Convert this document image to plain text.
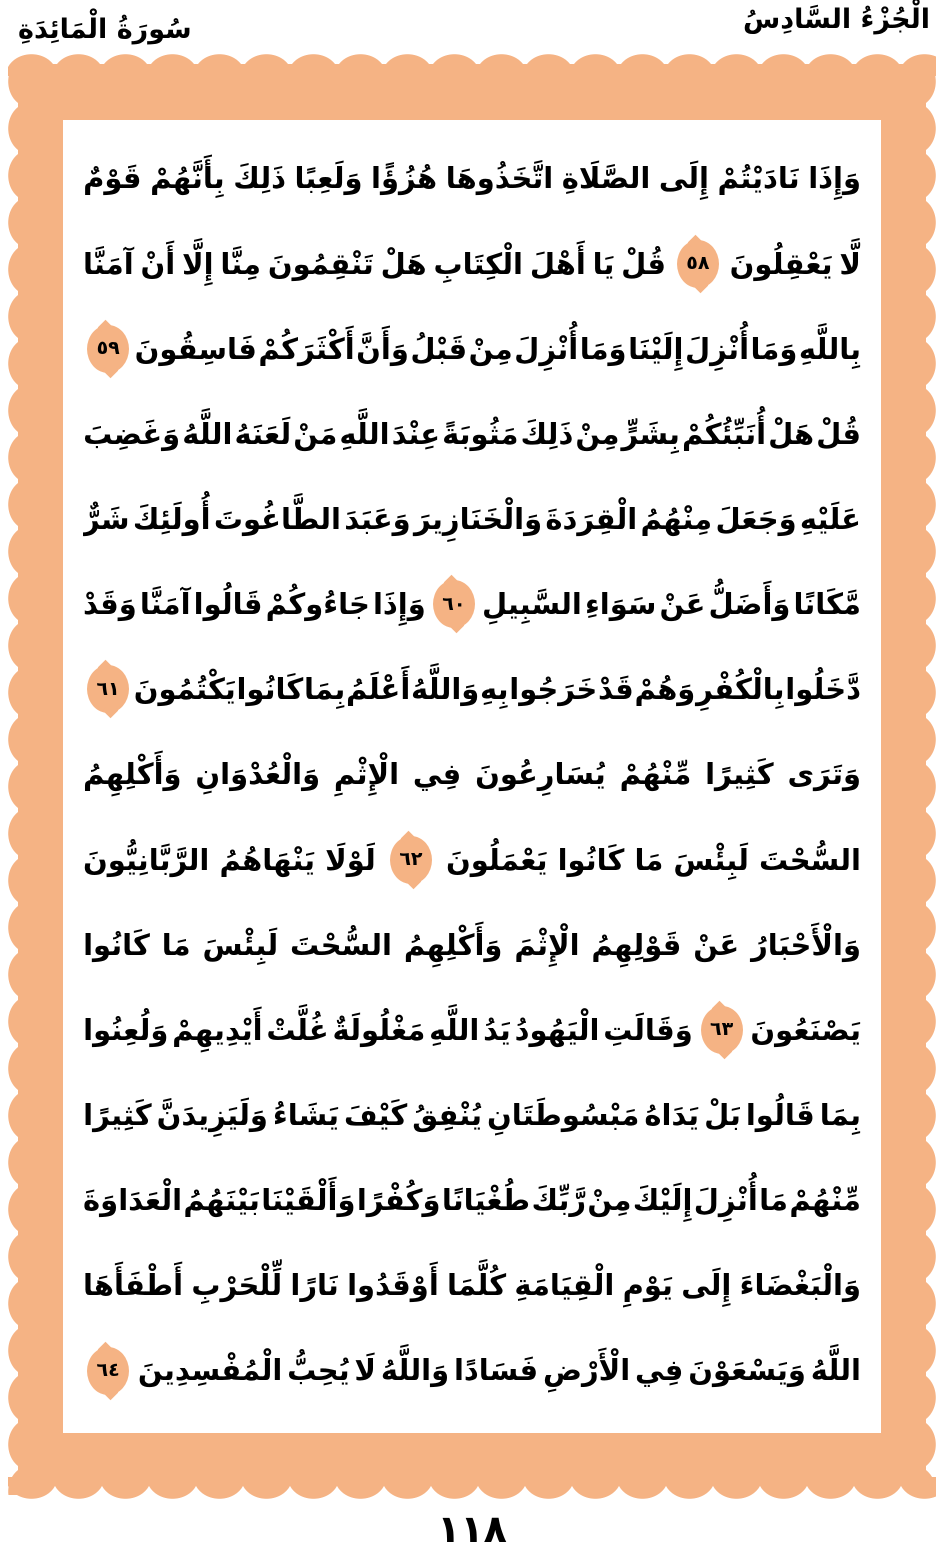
الْجُزْءُ السَّادِسُ
سُورَةُ الْمَائِدَةِ
وَإِذَا
نَادَيْتُمْ
إِلَى
الصَّلَاةِ
اتَّخَذُوهَا
هُزُؤًا
وَلَعِبًا
ذَلِكَ
بِأَنَّهُمْ
قَوْمٌ
لَّا
يَعْقِلُونَ
٥٨
قُلْ
يَا
أَهْلَ
الْكِتَابِ
هَلْ
تَنْقِمُونَ
مِنَّا
إِلَّا
أَنْ
آمَنَّا
بِاللَّهِ
وَمَا
أُنْزِلَ
إِلَيْنَا
وَمَا
أُنْزِلَ
مِنْ
قَبْلُ
وَأَنَّ
أَكْثَرَكُمْ
فَاسِقُونَ
٥٩
قُلْ
هَلْ
أُنَبِّئُكُمْ
بِشَرٍّ
مِنْ
ذَلِكَ
مَثُوبَةً
عِنْدَ
اللَّهِ
مَنْ
لَعَنَهُ
اللَّهُ
وَغَضِبَ
عَلَيْهِ
وَجَعَلَ
مِنْهُمُ
الْقِرَدَةَ
وَالْخَنَازِيرَ
وَعَبَدَ
الطَّاغُوتَ
أُولَئِكَ
شَرٌّ
مَّكَانًا
وَأَضَلُّ
عَنْ
سَوَاءِ
السَّبِيلِ
٦٠
وَإِذَا
جَاءُوكُمْ
قَالُوا
آمَنَّا
وَقَدْ
دَّخَلُوا
بِالْكُفْرِ
وَهُمْ
قَدْ
خَرَجُوا
بِهِ
وَاللَّهُ
أَعْلَمُ
بِمَا
كَانُوا
يَكْتُمُونَ
٦١
وَتَرَى
كَثِيرًا
مِّنْهُمْ
يُسَارِعُونَ
فِي
الْإِثْمِ
وَالْعُدْوَانِ
وَأَكْلِهِمُ
السُّحْتَ
لَبِئْسَ
مَا
كَانُوا
يَعْمَلُونَ
٦٢
لَوْلَا
يَنْهَاهُمُ
الرَّبَّانِيُّونَ
وَالْأَحْبَارُ
عَنْ
قَوْلِهِمُ
الْإِثْمَ
وَأَكْلِهِمُ
السُّحْتَ
لَبِئْسَ
مَا
كَانُوا
يَصْنَعُونَ
٦٣
وَقَالَتِ
الْيَهُودُ
يَدُ
اللَّهِ
مَغْلُولَةٌ
غُلَّتْ
أَيْدِيهِمْ
وَلُعِنُوا
بِمَا
قَالُوا
بَلْ
يَدَاهُ
مَبْسُوطَتَانِ
يُنْفِقُ
كَيْفَ
يَشَاءُ
وَلَيَزِيدَنَّ
كَثِيرًا
مِّنْهُمْ
مَا
أُنْزِلَ
إِلَيْكَ
مِنْ
رَّبِّكَ
طُغْيَانًا
وَكُفْرًا
وَأَلْقَيْنَا
بَيْنَهُمُ
الْعَدَاوَةَ
وَالْبَغْضَاءَ
إِلَى
يَوْمِ
الْقِيَامَةِ
كُلَّمَا
أَوْقَدُوا
نَارًا
لِّلْحَرْبِ
أَطْفَأَهَا
اللَّهُ
وَيَسْعَوْنَ
فِي
الْأَرْضِ
فَسَادًا
وَاللَّهُ
لَا
يُحِبُّ
الْمُفْسِدِينَ
٦٤
١١٨
